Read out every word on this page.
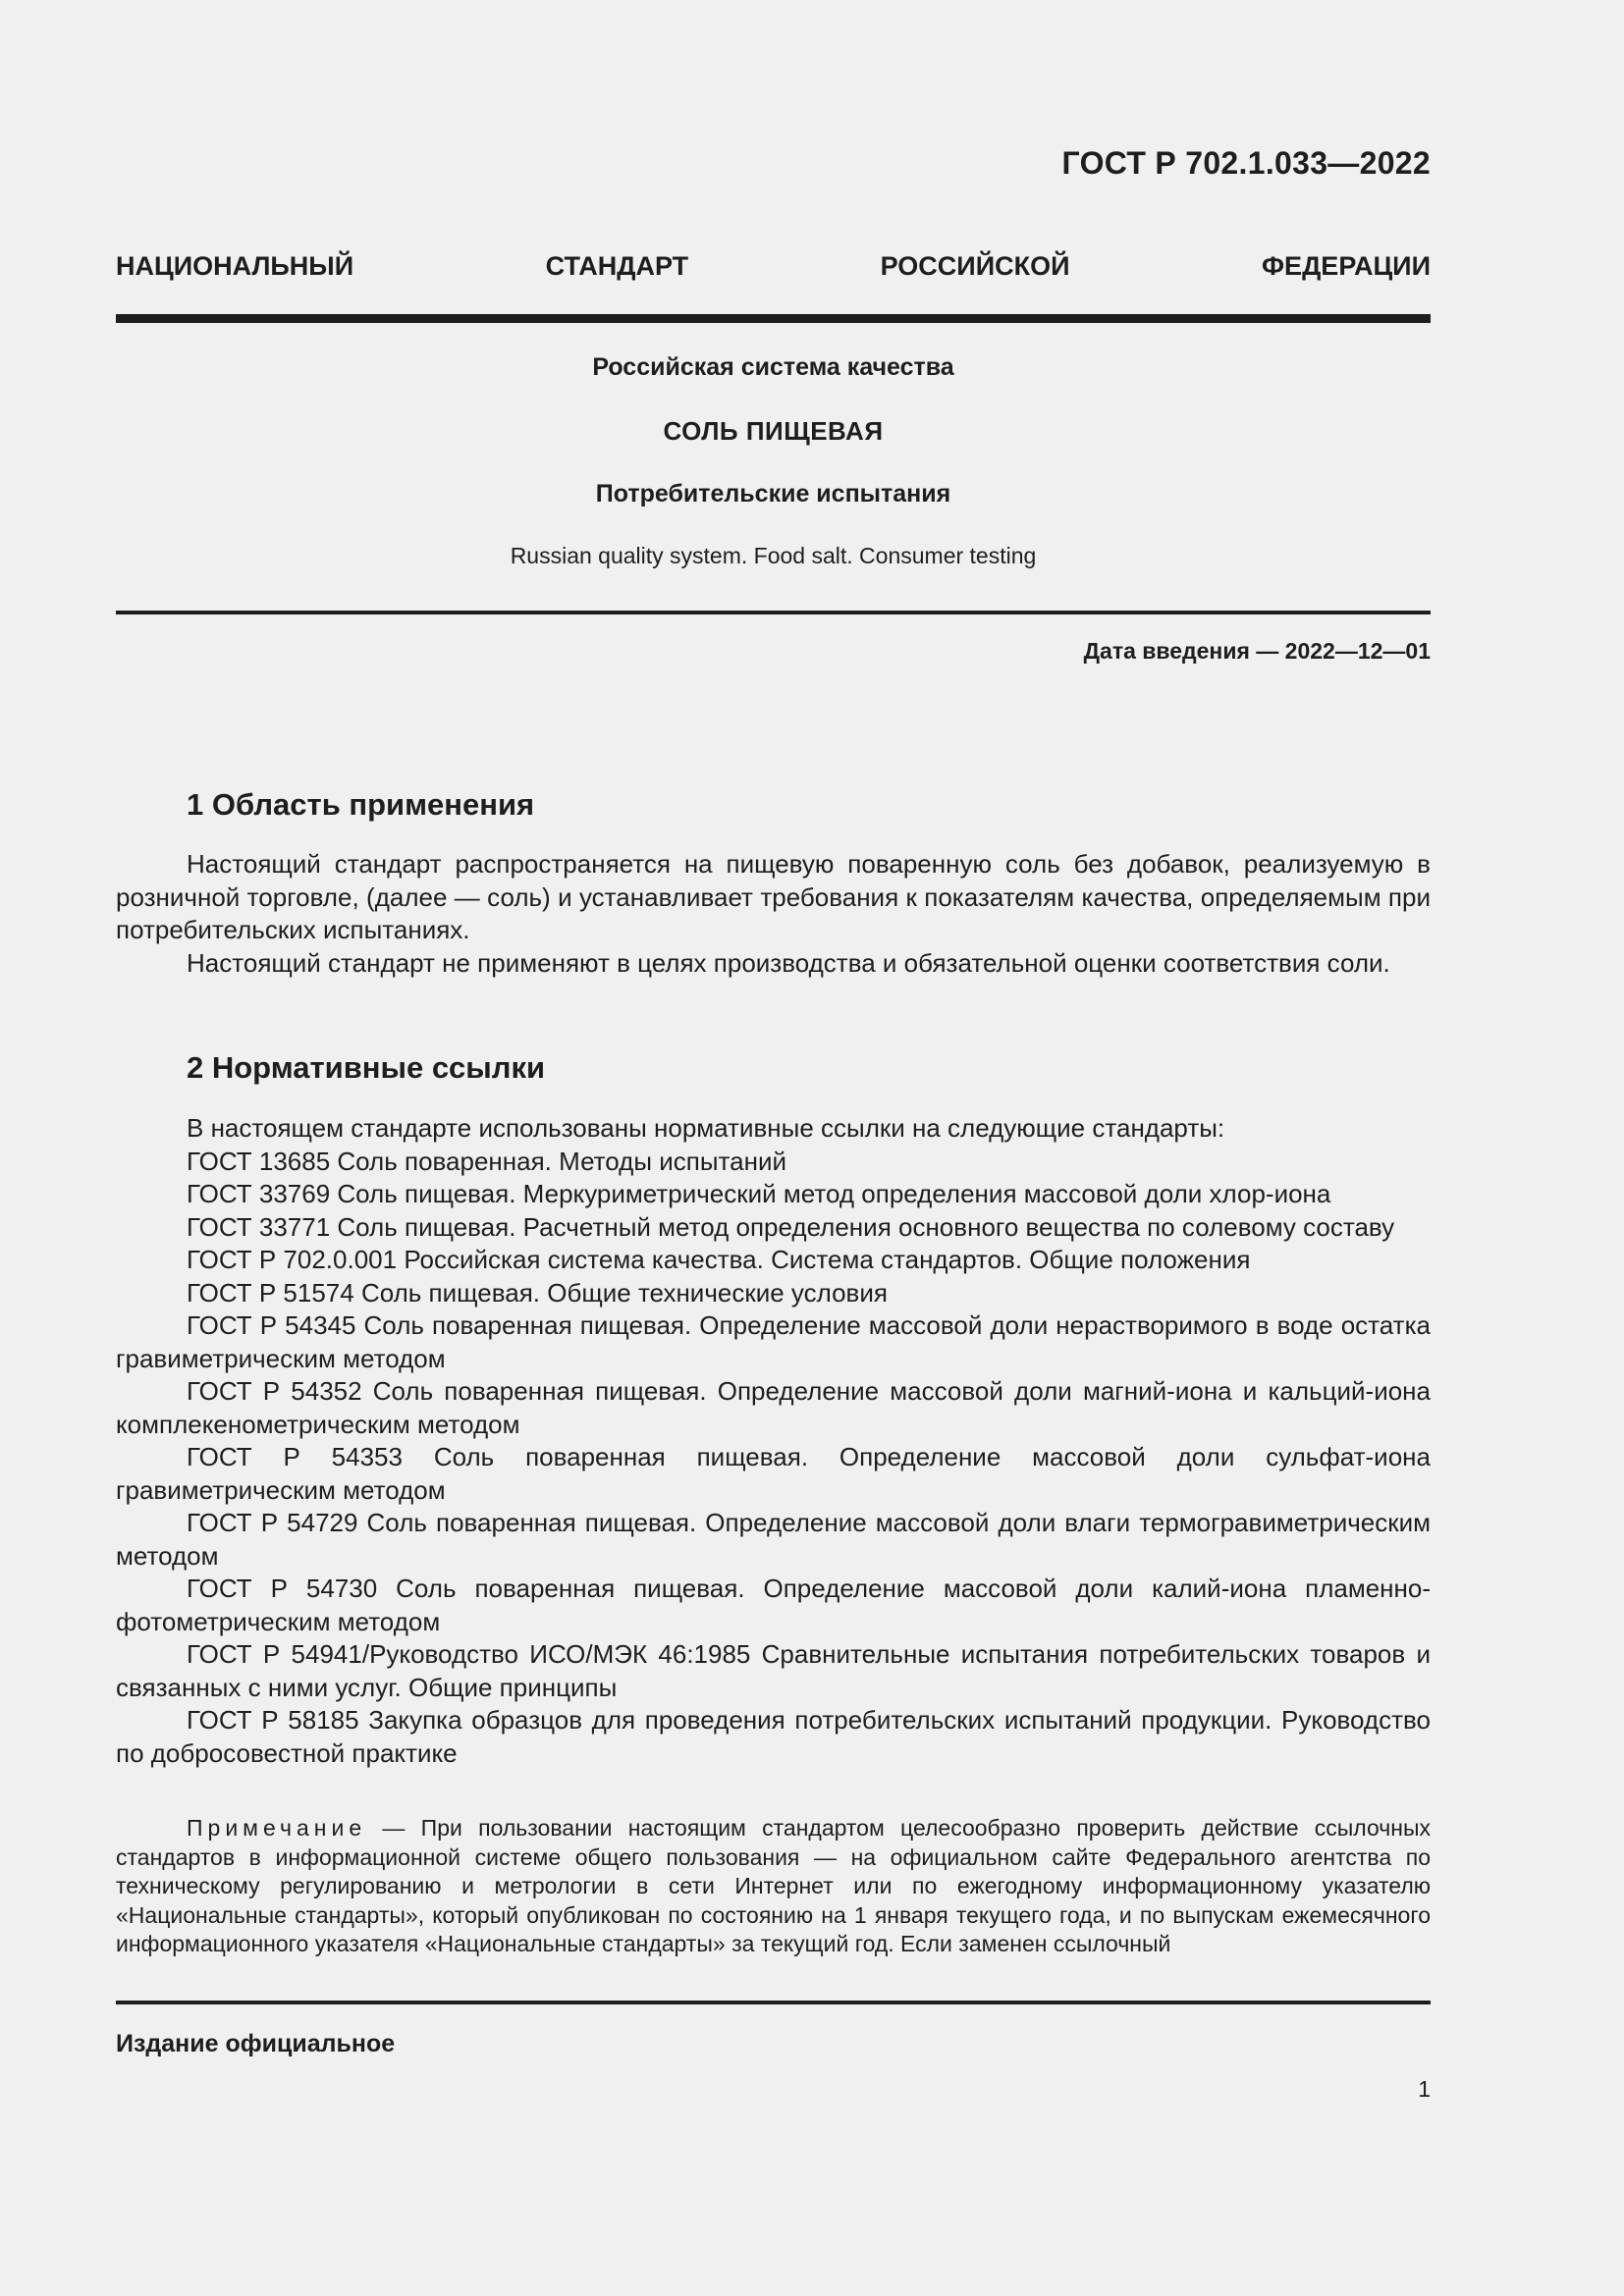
ГОСТ Р 702.1.033—2022
НАЦИОНАЛЬНЫЙ	СТАНДАРТ	РОССИЙСКОЙ	ФЕДЕРАЦИИ
Российская система качества
СОЛЬ ПИЩЕВАЯ
Потребительские испытания
Russian quality system. Food salt. Consumer testing
Дата введения — 2022—12—01
1 Область применения

Настоящий стандарт распространяется на пищевую поваренную соль без добавок, реализуемую в розничной торговле, (далее — соль) и устанавливает требования к показателям качества, определяемым при потребительских испытаниях.

Настоящий стандарт не применяют в целях производства и обязательной оценки соответствия соли.

2 Нормативные ссылки

В настоящем стандарте использованы нормативные ссылки на следующие стандарты:

ГОСТ 13685 Соль поваренная. Методы испытаний

ГОСТ 33769 Соль пищевая. Меркуриметрический метод определения массовой доли хлор-иона

ГОСТ 33771 Соль пищевая. Расчетный метод определения основного вещества по солевому составу

ГОСТ Р 702.0.001 Российская система качества. Система стандартов. Общие положения

ГОСТ Р 51574 Соль пищевая. Общие технические условия

ГОСТ Р 54345 Соль поваренная пищевая. Определение массовой доли нерастворимого в воде остатка гравиметрическим методом

ГОСТ Р 54352 Соль поваренная пищевая. Определение массовой доли магний-иона и кальций-иона комплекенометрическим методом

ГОСТ Р 54353 Соль поваренная пищевая. Определение массовой доли сульфат-иона гравиметрическим методом

ГОСТ Р 54729 Соль поваренная пищевая. Определение массовой доли влаги термогравиметрическим методом

ГОСТ Р 54730 Соль поваренная пищевая. Определение массовой доли калий-иона пламенно-фотометрическим методом

ГОСТ Р 54941/Руководство ИСО/МЭК 46:1985 Сравнительные испытания потребительских товаров и связанных с ними услуг. Общие принципы

ГОСТ Р 58185 Закупка образцов для проведения потребительских испытаний продукции. Руководство по добросовестной практике

Примечание — При пользовании настоящим стандартом целесообразно проверить действие ссылочных стандартов в информационной системе общего пользования — на официальном сайте Федерального агентства по техническому регулированию и метрологии в сети Интернет или по ежегодному информационному указателю «Национальные стандарты», который опубликован по состоянию на 1 января текущего года, и по выпускам ежемесячного информационного указателя «Национальные стандарты» за текущий год. Если заменен ссылочный

Издание официальное
1
